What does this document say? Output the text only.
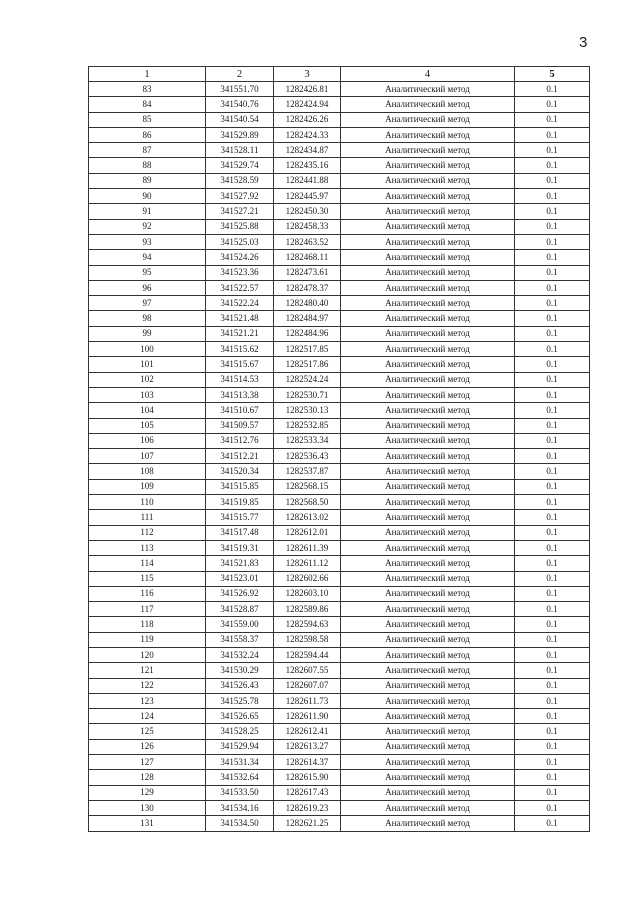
3
1	2	3	4	5
83	341551.70	1282426.81	Аналитический метод	0.1
84	341540.76	1282424.94	Аналитический метод	0.1
85	341540.54	1282426.26	Аналитический метод	0.1
86	341529.89	1282424.33	Аналитический метод	0.1
87	341528.11	1282434.87	Аналитический метод	0.1
88	341529.74	1282435.16	Аналитический метод	0.1
89	341528.59	1282441.88	Аналитический метод	0.1
90	341527.92	1282445.97	Аналитический метод	0.1
91	341527.21	1282450.30	Аналитический метод	0.1
92	341525.88	1282458.33	Аналитический метод	0.1
93	341525.03	1282463.52	Аналитический метод	0.1
94	341524.26	1282468.11	Аналитический метод	0.1
95	341523.36	1282473.61	Аналитический метод	0.1
96	341522.57	1282478.37	Аналитический метод	0.1
97	341522.24	1282480.40	Аналитический метод	0.1
98	341521.48	1282484.97	Аналитический метод	0.1
99	341521.21	1282484.96	Аналитический метод	0.1
100	341515.62	1282517.85	Аналитический метод	0.1
101	341515.67	1282517.86	Аналитический метод	0.1
102	341514.53	1282524.24	Аналитический метод	0.1
103	341513.38	1282530.71	Аналитический метод	0.1
104	341510.67	1282530.13	Аналитический метод	0.1
105	341509.57	1282532.85	Аналитический метод	0.1
106	341512.76	1282533.34	Аналитический метод	0.1
107	341512.21	1282536.43	Аналитический метод	0.1
108	341520.34	1282537.87	Аналитический метод	0.1
109	341515.85	1282568.15	Аналитический метод	0.1
110	341519.85	1282568.50	Аналитический метод	0.1
111	341515.77	1282613.02	Аналитический метод	0.1
112	341517.48	1282612.01	Аналитический метод	0.1
113	341519.31	1282611.39	Аналитический метод	0.1
114	341521.83	1282611.12	Аналитический метод	0.1
115	341523.01	1282602.66	Аналитический метод	0.1
116	341526.92	1282603.10	Аналитический метод	0.1
117	341528.87	1282589.86	Аналитический метод	0.1
118	341559.00	1282594.63	Аналитический метод	0.1
119	341558.37	1282598.58	Аналитический метод	0.1
120	341532.24	1282594.44	Аналитический метод	0.1
121	341530.29	1282607.55	Аналитический метод	0.1
122	341526.43	1282607.07	Аналитический метод	0.1
123	341525.78	1282611.73	Аналитический метод	0.1
124	341526.65	1282611.90	Аналитический метод	0.1
125	341528.25	1282612.41	Аналитический метод	0.1
126	341529.94	1282613.27	Аналитический метод	0.1
127	341531.34	1282614.37	Аналитический метод	0.1
128	341532.64	1282615.90	Аналитический метод	0.1
129	341533.50	1282617.43	Аналитический метод	0.1
130	341534.16	1282619.23	Аналитический метод	0.1
131	341534.50	1282621.25	Аналитический метод	0.1
